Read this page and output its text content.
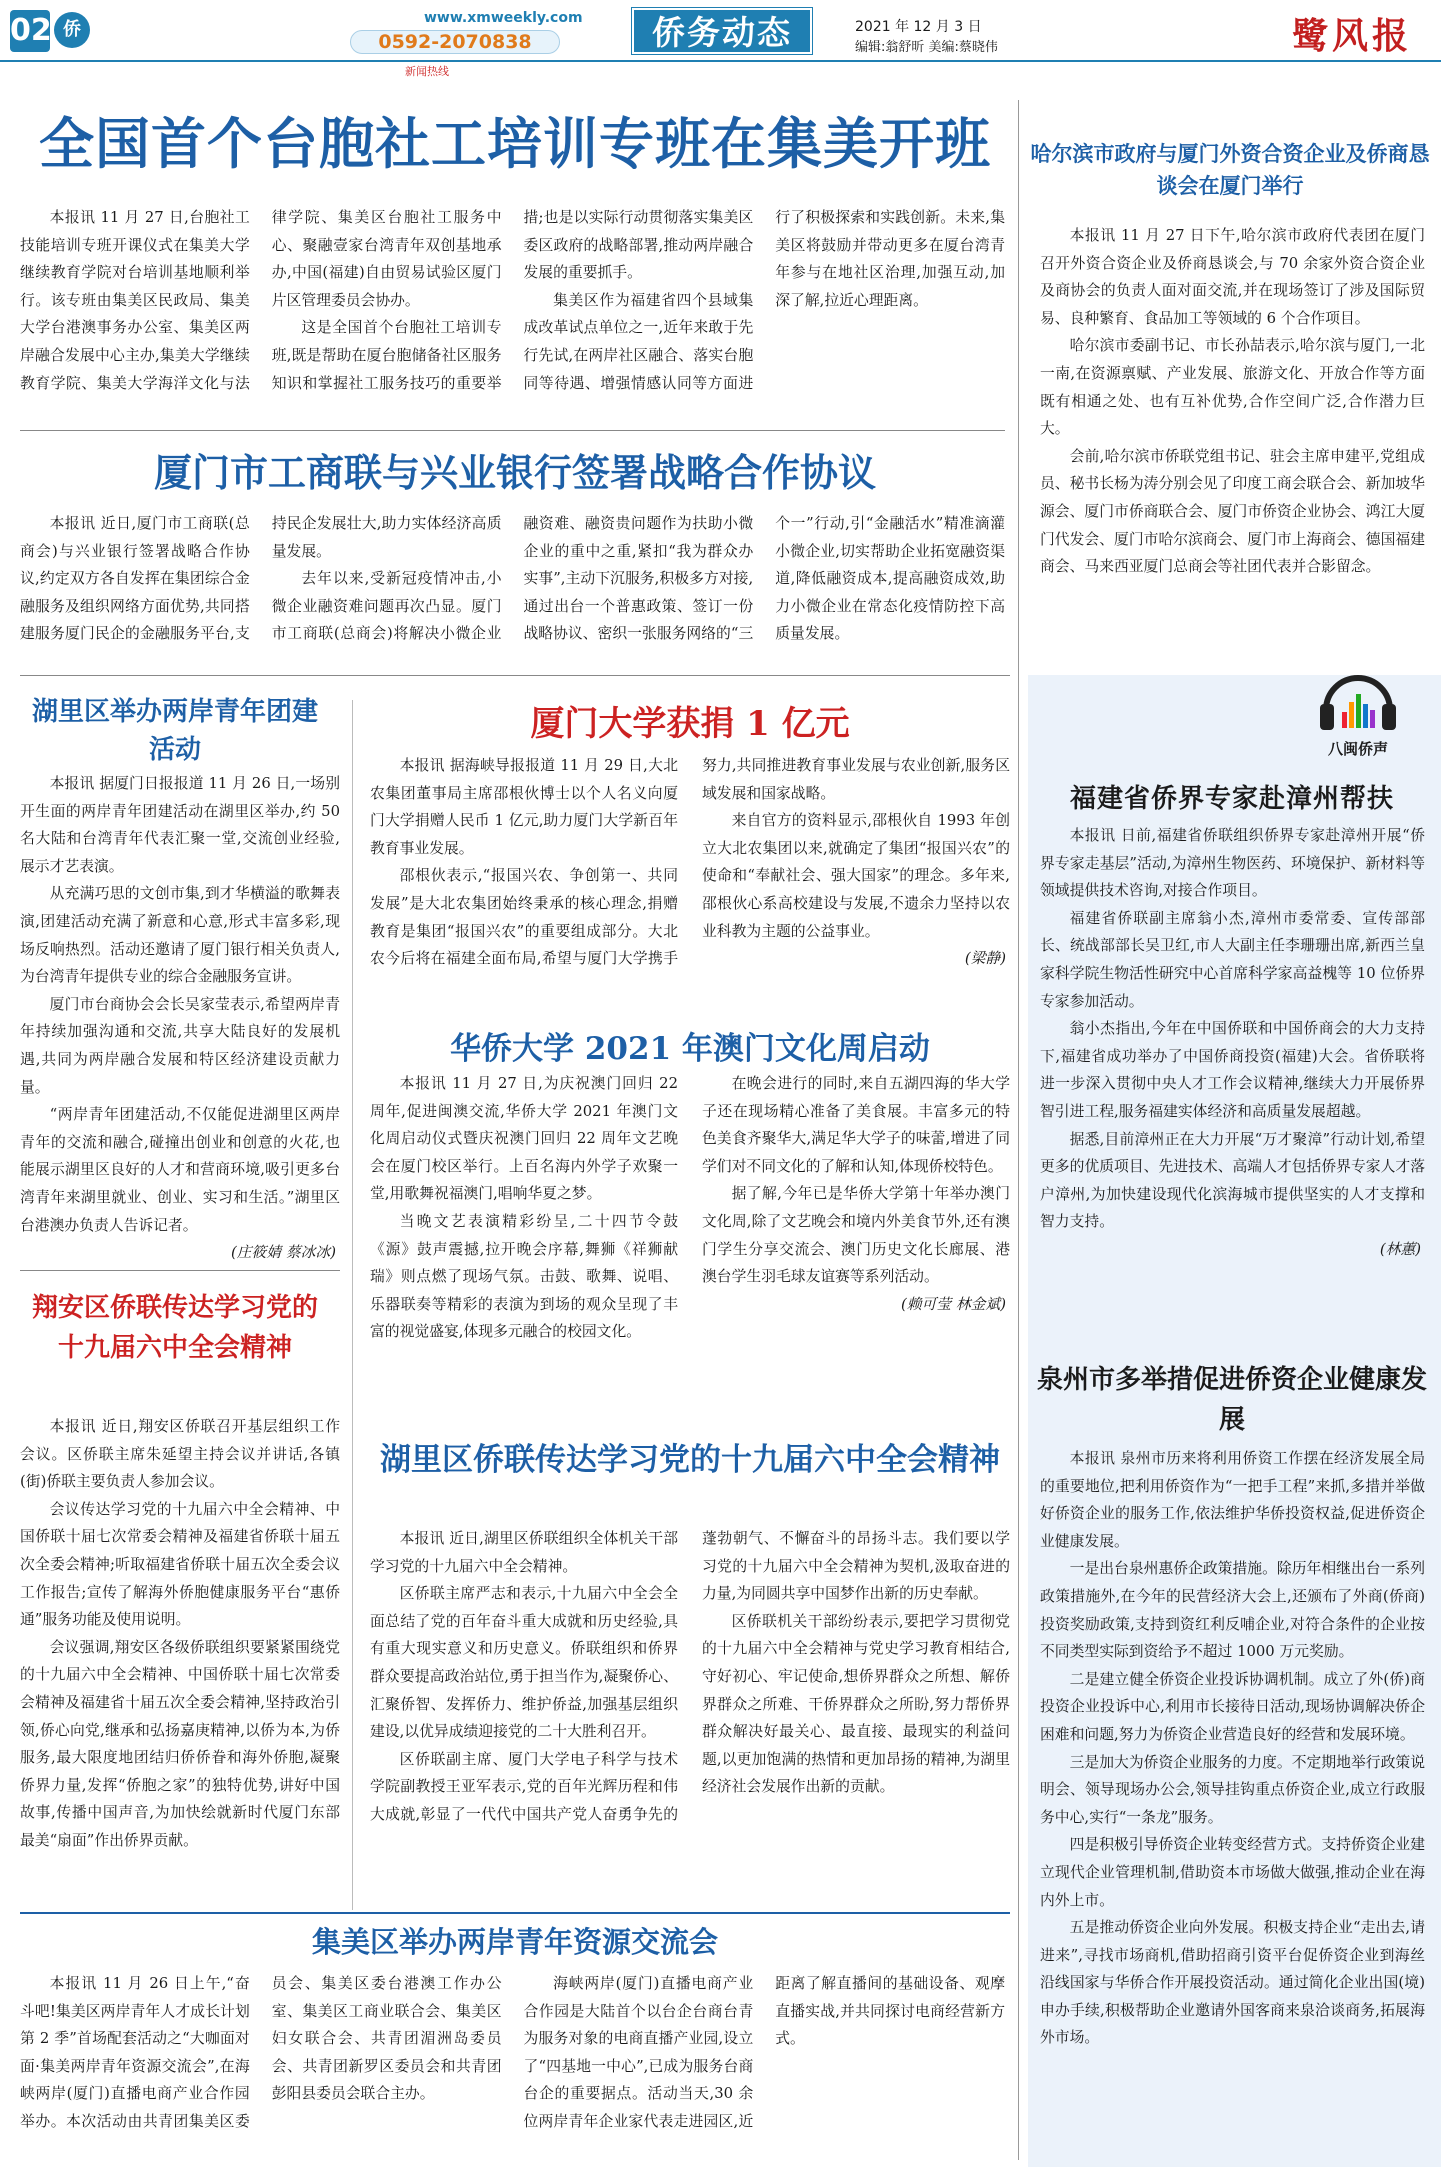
02 侨
www.xmweekly.com
0592-2070838
新闻热线
侨务动态	2021 年 12 月 3 日
编辑:翁舒昕 美编:蔡晓伟	鹭风报
全国首个台胞社工培训专班在集美开班

本报讯 11 月 27 日,台胞社工技能培训专班开课仪式在集美大学继续教育学院对台培训基地顺利举行。该专班由集美区民政局、集美大学台港澳事务办公室、集美区两岸融合发展中心主办,集美大学继续教育学院、集美大学海洋文化与法律学院、集美区台胞社工服务中心、聚融壹家台湾青年双创基地承办,中国(福建)自由贸易试验区厦门片区管理委员会协办。

这是全国首个台胞社工培训专班,既是帮助在厦台胞储备社区服务知识和掌握社工服务技巧的重要举措;也是以实际行动贯彻落实集美区委区政府的战略部署,推动两岸融合发展的重要抓手。

集美区作为福建省四个县域集成改革试点单位之一,近年来敢于先行先试,在两岸社区融合、落实台胞同等待遇、增强情感认同等方面进行了积极探索和实践创新。未来,集美区将鼓励并带动更多在厦台湾青年参与在地社区治理,加强互动,加深了解,拉近心理距离。

厦门市工商联与兴业银行签署战略合作协议

本报讯 近日,厦门市工商联(总商会)与兴业银行签署战略合作协议,约定双方各自发挥在集团综合金融服务及组织网络方面优势,共同搭建服务厦门民企的金融服务平台,支持民企发展壮大,助力实体经济高质量发展。

去年以来,受新冠疫情冲击,小微企业融资难问题再次凸显。厦门市工商联(总商会)将解决小微企业融资难、融资贵问题作为扶助小微企业的重中之重,紧扣“我为群众办实事”,主动下沉服务,积极多方对接,通过出台一个普惠政策、签订一份战略协议、密织一张服务网络的“三个一”行动,引“金融活水”精准滴灌小微企业,切实帮助企业拓宽融资渠道,降低融资成本,提高融资成效,助力小微企业在常态化疫情防控下高质量发展。

哈尔滨市政府与厦门外资合资企业及侨商恳谈会在厦门举行

本报讯 11 月 27 日下午,哈尔滨市政府代表团在厦门召开外资合资企业及侨商恳谈会,与 70 余家外资合资企业及商协会的负责人面对面交流,并在现场签订了涉及国际贸易、良种繁育、食品加工等领域的 6 个合作项目。

哈尔滨市委副书记、市长孙喆表示,哈尔滨与厦门,一北一南,在资源禀赋、产业发展、旅游文化、开放合作等方面既有相通之处、也有互补优势,合作空间广泛,合作潜力巨大。

会前,哈尔滨市侨联党组书记、驻会主席申建平,党组成员、秘书长杨为涛分别会见了印度工商会联合会、新加坡华源会、厦门市侨商联合会、厦门市侨资企业协会、鸿江大厦门代发会、厦门市哈尔滨商会、厦门市上海商会、德国福建商会、马来西亚厦门总商会等社团代表并合影留念。

八闽侨声
福建省侨界专家赴漳州帮扶

本报讯 日前,福建省侨联组织侨界专家赴漳州开展“侨界专家走基层”活动,为漳州生物医药、环境保护、新材料等领域提供技术咨询,对接合作项目。

福建省侨联副主席翁小杰,漳州市委常委、宣传部部长、统战部部长吴卫红,市人大副主任李珊珊出席,新西兰皇家科学院生物活性研究中心首席科学家高益槐等 10 位侨界专家参加活动。

翁小杰指出,今年在中国侨联和中国侨商会的大力支持下,福建省成功举办了中国侨商投资(福建)大会。省侨联将进一步深入贯彻中央人才工作会议精神,继续大力开展侨界智引进工程,服务福建实体经济和高质量发展超越。

据悉,目前漳州正在大力开展“万才聚漳”行动计划,希望更多的优质项目、先进技术、高端人才包括侨界专家人才落户漳州,为加快建设现代化滨海城市提供坚实的人才支撑和智力支持。

(林蕙)
泉州市多举措促进侨资企业健康发展

本报讯 泉州市历来将利用侨资工作摆在经济发展全局的重要地位,把利用侨资作为“一把手工程”来抓,多措并举做好侨资企业的服务工作,依法维护华侨投资权益,促进侨资企业健康发展。

一是出台泉州惠侨企政策措施。除历年相继出台一系列政策措施外,在今年的民营经济大会上,还颁布了外商(侨商)投资奖励政策,支持到资红利反哺企业,对符合条件的企业按不同类型实际到资给予不超过 1000 万元奖励。

二是建立健全侨资企业投诉协调机制。成立了外(侨)商投资企业投诉中心,利用市长接待日活动,现场协调解决侨企困难和问题,努力为侨资企业营造良好的经营和发展环境。

三是加大为侨资企业服务的力度。不定期地举行政策说明会、领导现场办公会,领导挂钩重点侨资企业,成立行政服务中心,实行“一条龙”服务。

四是积极引导侨资企业转变经营方式。支持侨资企业建立现代企业管理机制,借助资本市场做大做强,推动企业在海内外上市。

五是推动侨资企业向外发展。积极支持企业“走出去,请进来”,寻找市场商机,借助招商引资平台促侨资企业到海丝沿线国家与华侨合作开展投资活动。通过简化企业出国(境)申办手续,积极帮助企业邀请外国客商来泉洽谈商务,拓展海外市场。

湖里区举办两岸青年团建活动

本报讯 据厦门日报报道 11 月 26 日,一场别开生面的两岸青年团建活动在湖里区举办,约 50 名大陆和台湾青年代表汇聚一堂,交流创业经验,展示才艺表演。

从充满巧思的文创市集,到才华横溢的歌舞表演,团建活动充满了新意和心意,形式丰富多彩,现场反响热烈。活动还邀请了厦门银行相关负责人,为台湾青年提供专业的综合金融服务宣讲。

厦门市台商协会会长吴家莹表示,希望两岸青年持续加强沟通和交流,共享大陆良好的发展机遇,共同为两岸融合发展和特区经济建设贡献力量。

“两岸青年团建活动,不仅能促进湖里区两岸青年的交流和融合,碰撞出创业和创意的火花,也能展示湖里区良好的人才和营商环境,吸引更多台湾青年来湖里就业、创业、实习和生活。”湖里区台港澳办负责人告诉记者。

(庄筱婧 蔡冰冰)
翔安区侨联传达学习党的十九届六中全会精神

本报讯 近日,翔安区侨联召开基层组织工作会议。区侨联主席朱延望主持会议并讲话,各镇(街)侨联主要负责人参加会议。

会议传达学习党的十九届六中全会精神、中国侨联十届七次常委会精神及福建省侨联十届五次全委会精神;听取福建省侨联十届五次全委会议工作报告;宣传了解海外侨胞健康服务平台“惠侨通”服务功能及使用说明。

会议强调,翔安区各级侨联组织要紧紧围绕党的十九届六中全会精神、中国侨联十届七次常委会精神及福建省十届五次全委会精神,坚持政治引领,侨心向党,继承和弘扬嘉庚精神,以侨为本,为侨服务,最大限度地团结归侨侨眷和海外侨胞,凝聚侨界力量,发挥“侨胞之家”的独特优势,讲好中国故事,传播中国声音,为加快绘就新时代厦门东部最美“扇面”作出侨界贡献。

厦门大学获捐 1 亿元

本报讯 据海峡导报报道 11 月 29 日,大北农集团董事局主席邵根伙博士以个人名义向厦门大学捐赠人民币 1 亿元,助力厦门大学新百年教育事业发展。

邵根伙表示,“报国兴农、争创第一、共同发展”是大北农集团始终秉承的核心理念,捐赠教育是集团“报国兴农”的重要组成部分。大北农今后将在福建全面布局,希望与厦门大学携手努力,共同推进教育事业发展与农业创新,服务区域发展和国家战略。

来自官方的资料显示,邵根伙自 1993 年创立大北农集团以来,就确定了集团“报国兴农”的使命和“奉献社会、强大国家”的理念。多年来,邵根伙心系高校建设与发展,不遗余力坚持以农业科教为主题的公益事业。

(梁静)
华侨大学 2021 年澳门文化周启动

本报讯 11 月 27 日,为庆祝澳门回归 22 周年,促进闽澳交流,华侨大学 2021 年澳门文化周启动仪式暨庆祝澳门回归 22 周年文艺晚会在厦门校区举行。上百名海内外学子欢聚一堂,用歌舞祝福澳门,唱响华夏之梦。

当晚文艺表演精彩纷呈,二十四节令鼓《源》鼓声震撼,拉开晚会序幕,舞狮《祥狮献瑞》则点燃了现场气氛。击鼓、歌舞、说唱、乐器联奏等精彩的表演为到场的观众呈现了丰富的视觉盛宴,体现多元融合的校园文化。

在晚会进行的同时,来自五湖四海的华大学子还在现场精心准备了美食展。丰富多元的特色美食齐聚华大,满足华大学子的味蕾,增进了同学们对不同文化的了解和认知,体现侨校特色。

据了解,今年已是华侨大学第十年举办澳门文化周,除了文艺晚会和境内外美食节外,还有澳门学生分享交流会、澳门历史文化长廊展、港澳台学生羽毛球友谊赛等系列活动。

(赖可莹 林金斌)
湖里区侨联传达学习党的十九届六中全会精神

本报讯 近日,湖里区侨联组织全体机关干部学习党的十九届六中全会精神。

区侨联主席严志和表示,十九届六中全会全面总结了党的百年奋斗重大成就和历史经验,具有重大现实意义和历史意义。侨联组织和侨界群众要提高政治站位,勇于担当作为,凝聚侨心、汇聚侨智、发挥侨力、维护侨益,加强基层组织建设,以优异成绩迎接党的二十大胜利召开。

区侨联副主席、厦门大学电子科学与技术学院副教授王亚军表示,党的百年光辉历程和伟大成就,彰显了一代代中国共产党人奋勇争先的蓬勃朝气、不懈奋斗的昂扬斗志。我们要以学习党的十九届六中全会精神为契机,汲取奋进的力量,为同圆共享中国梦作出新的历史奉献。

区侨联机关干部纷纷表示,要把学习贯彻党的十九届六中全会精神与党史学习教育相结合,守好初心、牢记使命,想侨界群众之所想、解侨界群众之所难、干侨界群众之所盼,努力帮侨界群众解决好最关心、最直接、最现实的利益问题,以更加饱满的热情和更加昂扬的精神,为湖里经济社会发展作出新的贡献。

集美区举办两岸青年资源交流会

本报讯 11 月 26 日上午,“奋斗吧!集美区两岸青年人才成长计划第 2 季”首场配套活动之“大咖面对面·集美两岸青年资源交流会”,在海峡两岸(厦门)直播电商产业合作园举办。本次活动由共青团集美区委员会、集美区委台港澳工作办公室、集美区工商业联合会、集美区妇女联合会、共青团湄洲岛委员会、共青团新罗区委员会和共青团彭阳县委员会联合主办。

海峡两岸(厦门)直播电商产业合作园是大陆首个以台企台商台青为服务对象的电商直播产业园,设立了“四基地一中心”,已成为服务台商台企的重要据点。活动当天,30 余位两岸青年企业家代表走进园区,近距离了解直播间的基础设备、观摩直播实战,并共同探讨电商经营新方式。
